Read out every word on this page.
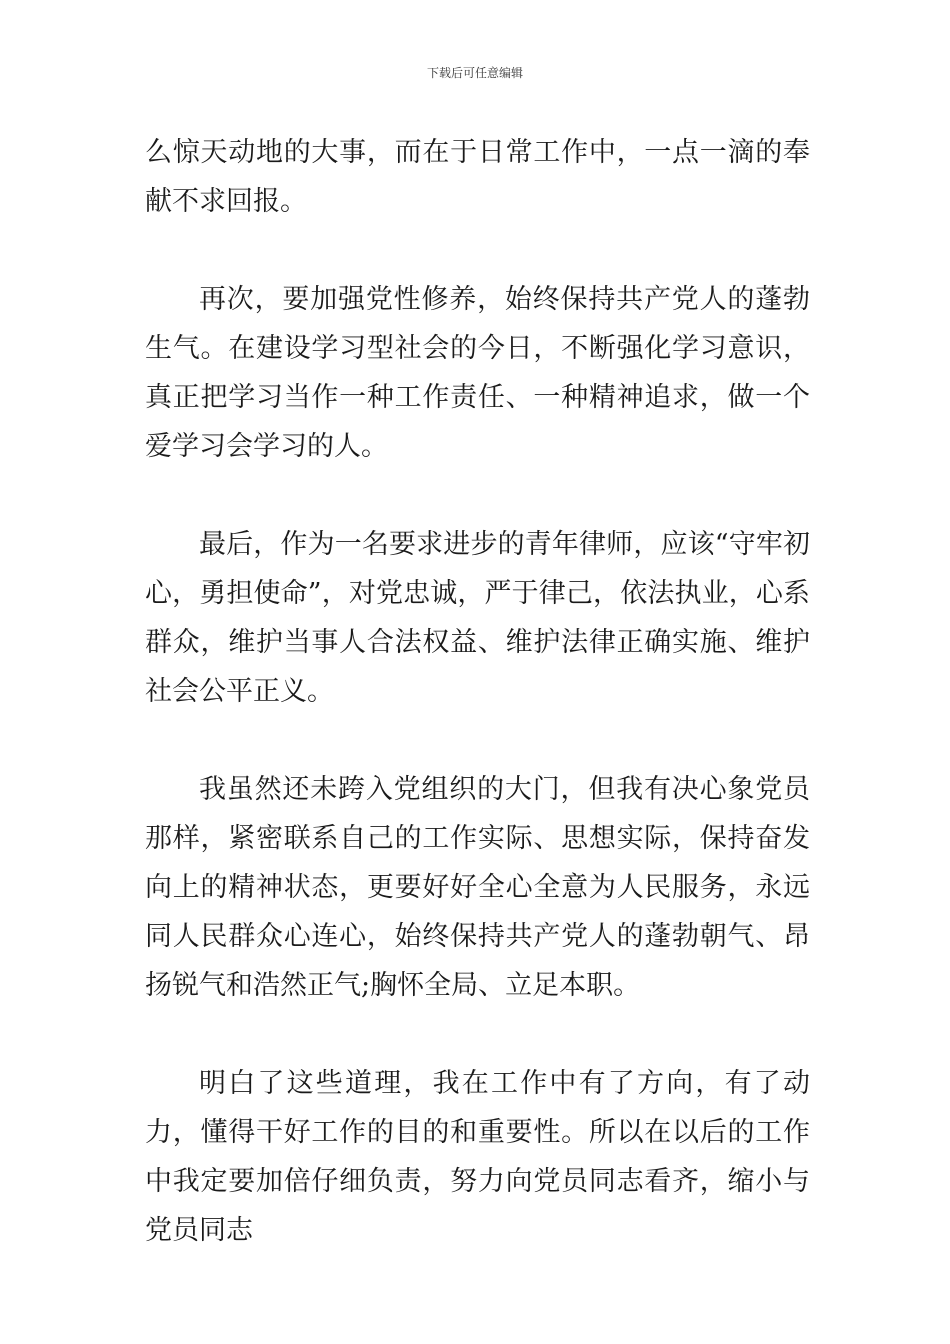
下载后可任意编辑

么惊天动地的大事，而在于日常工作中，一点一滴的奉献不求回报。

再次，要加强党性修养，始终保持共产党人的蓬勃生气。在建设学习型社会的今日，不断强化学习意识，真正把学习当作一种工作责任、一种精神追求，做一个爱学习会学习的人。

最后，作为一名要求进步的青年律师，应该“守牢初心，勇担使命”，对党忠诚，严于律己，依法执业，心系群众，维护当事人合法权益、维护法律正确实施、维护社会公平正义。

我虽然还未跨入党组织的大门，但我有决心象党员那样，紧密联系自己的工作实际、思想实际，保持奋发向上的精神状态，更要好好全心全意为人民服务，永远同人民群众心连心，始终保持共产党人的蓬勃朝气、昂扬锐气和浩然正气;胸怀全局、立足本职。

明白了这些道理，我在工作中有了方向，有了动力，懂得干好工作的目的和重要性。所以在以后的工作中我定要加倍仔细负责，努力向党员同志看齐，缩小与党员同志
